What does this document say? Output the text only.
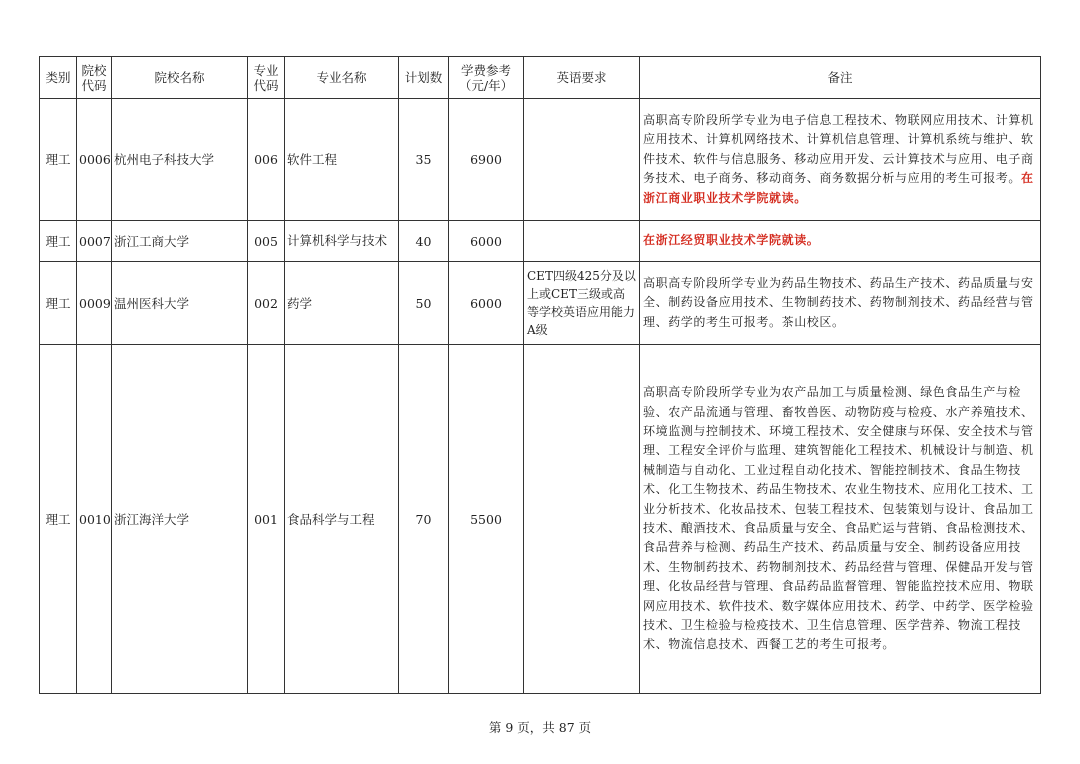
类别	院校代码	院校名称	专业代码	专业名称	计划数	学费参考（元/年）	英语要求	备注
理工	0006	杭州电子科技大学	006	软件工程	35	6900		高职高专阶段所学专业为电子信息工程技术、物联网应用技术、计算机应用技术、计算机网络技术、计算机信息管理、计算机系统与维护、软件技术、软件与信息服务、移动应用开发、云计算技术与应用、电子商务技术、电子商务、移动商务、商务数据分析与应用的考生可报考。在浙江商业职业技术学院就读。
理工	0007	浙江工商大学	005	计算机科学与技术	40	6000		在浙江经贸职业技术学院就读。
理工	0009	温州医科大学	002	药学	50	6000	CET四级425分及以上或CET三级或高等学校英语应用能力A级	高职高专阶段所学专业为药品生物技术、药品生产技术、药品质量与安全、制药设备应用技术、生物制药技术、药物制剂技术、药品经营与管理、药学的考生可报考。茶山校区。
理工	0010	浙江海洋大学	001	食品科学与工程	70	5500		高职高专阶段所学专业为农产品加工与质量检测、绿色食品生产与检验、农产品流通与管理、畜牧兽医、动物防疫与检疫、水产养殖技术、环境监测与控制技术、环境工程技术、安全健康与环保、安全技术与管理、工程安全评价与监理、建筑智能化工程技术、机械设计与制造、机械制造与自动化、工业过程自动化技术、智能控制技术、食品生物技术、化工生物技术、药品生物技术、农业生物技术、应用化工技术、工业分析技术、化妆品技术、包装工程技术、包装策划与设计、食品加工技术、酿酒技术、食品质量与安全、食品贮运与营销、食品检测技术、食品营养与检测、药品生产技术、药品质量与安全、制药设备应用技术、生物制药技术、药物制剂技术、药品经营与管理、保健品开发与管理、化妆品经营与管理、食品药品监督管理、智能监控技术应用、物联网应用技术、软件技术、数字媒体应用技术、药学、中药学、医学检验技术、卫生检验与检疫技术、卫生信息管理、医学营养、物流工程技术、物流信息技术、西餐工艺的考生可报考。
第 9 页，共 87 页
